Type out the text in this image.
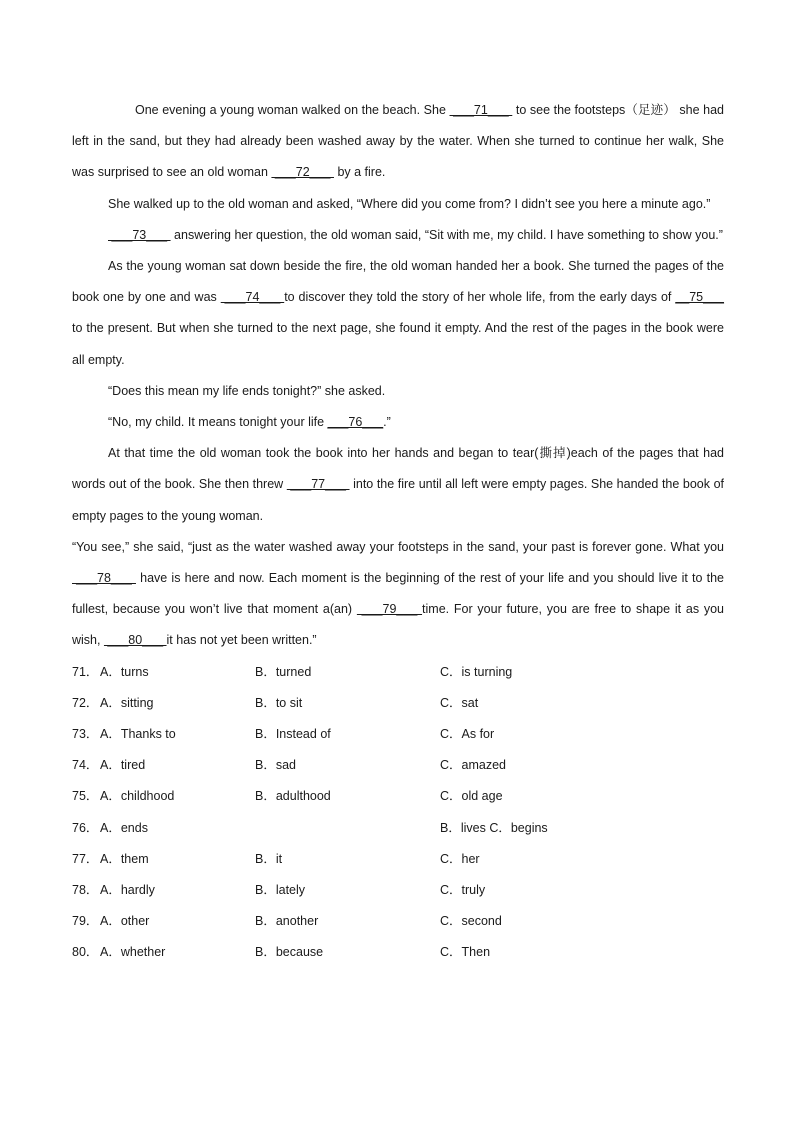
One evening a young woman walked on the beach. She  ___71___  to see the footsteps（足迹） she had left in the sand, but they had already been washed away by the water. When she turned to continue her walk, She was surprised to see an old woman  ___72___  by a fire.

She walked up to the old woman and asked, “Where did you come from? I didn’t see you here a minute ago.”

___73___  answering her question, the old woman said, “Sit with me, my child. I have something to show you.”

As the young woman sat down beside the fire, the old woman handed her a book. She turned the pages of the book one by one and was  ___74___ to discover they told the story of her whole life, from the early days of __75___ to the present. But when she turned to the next page, she found it empty. And the rest of the pages in the book were all empty.

“Does this mean my life ends tonight?” she asked.

“No, my child. It means tonight your life ___76___.”

At that time the old woman took the book into her hands and began to tear(撕掉)each of the pages that had words out of the book. She then threw  ___77___  into the fire until all left were empty pages. She handed the book of empty pages to the young woman.

“You see,” she said, “just as the water washed away your footsteps in the sand, your past is forever gone. What you  ___78___  have is here and now. Each moment is the beginning of the rest of your life and you should live it to the fullest, because you won’t live that moment a(an)  ___79___ time. For your future, you are free to shape it as you wish,  ___80___ it has not yet been written.”

71． A．turns	B．turned	C．is turning
72． A．sitting	B．to sit	C．sat
73． A．Thanks to	B．Instead of	C．As for
74． A．tired	B．sad	C．amazed
75． A．childhood	B．adulthood	C．old age
76． A．ends	B．lives C．begins
77． A．them	B．it	C．her
78． A．hardly	B．lately	C．truly
79． A．other	B．another	C．second
80． A．whether	B．because	C．Then
